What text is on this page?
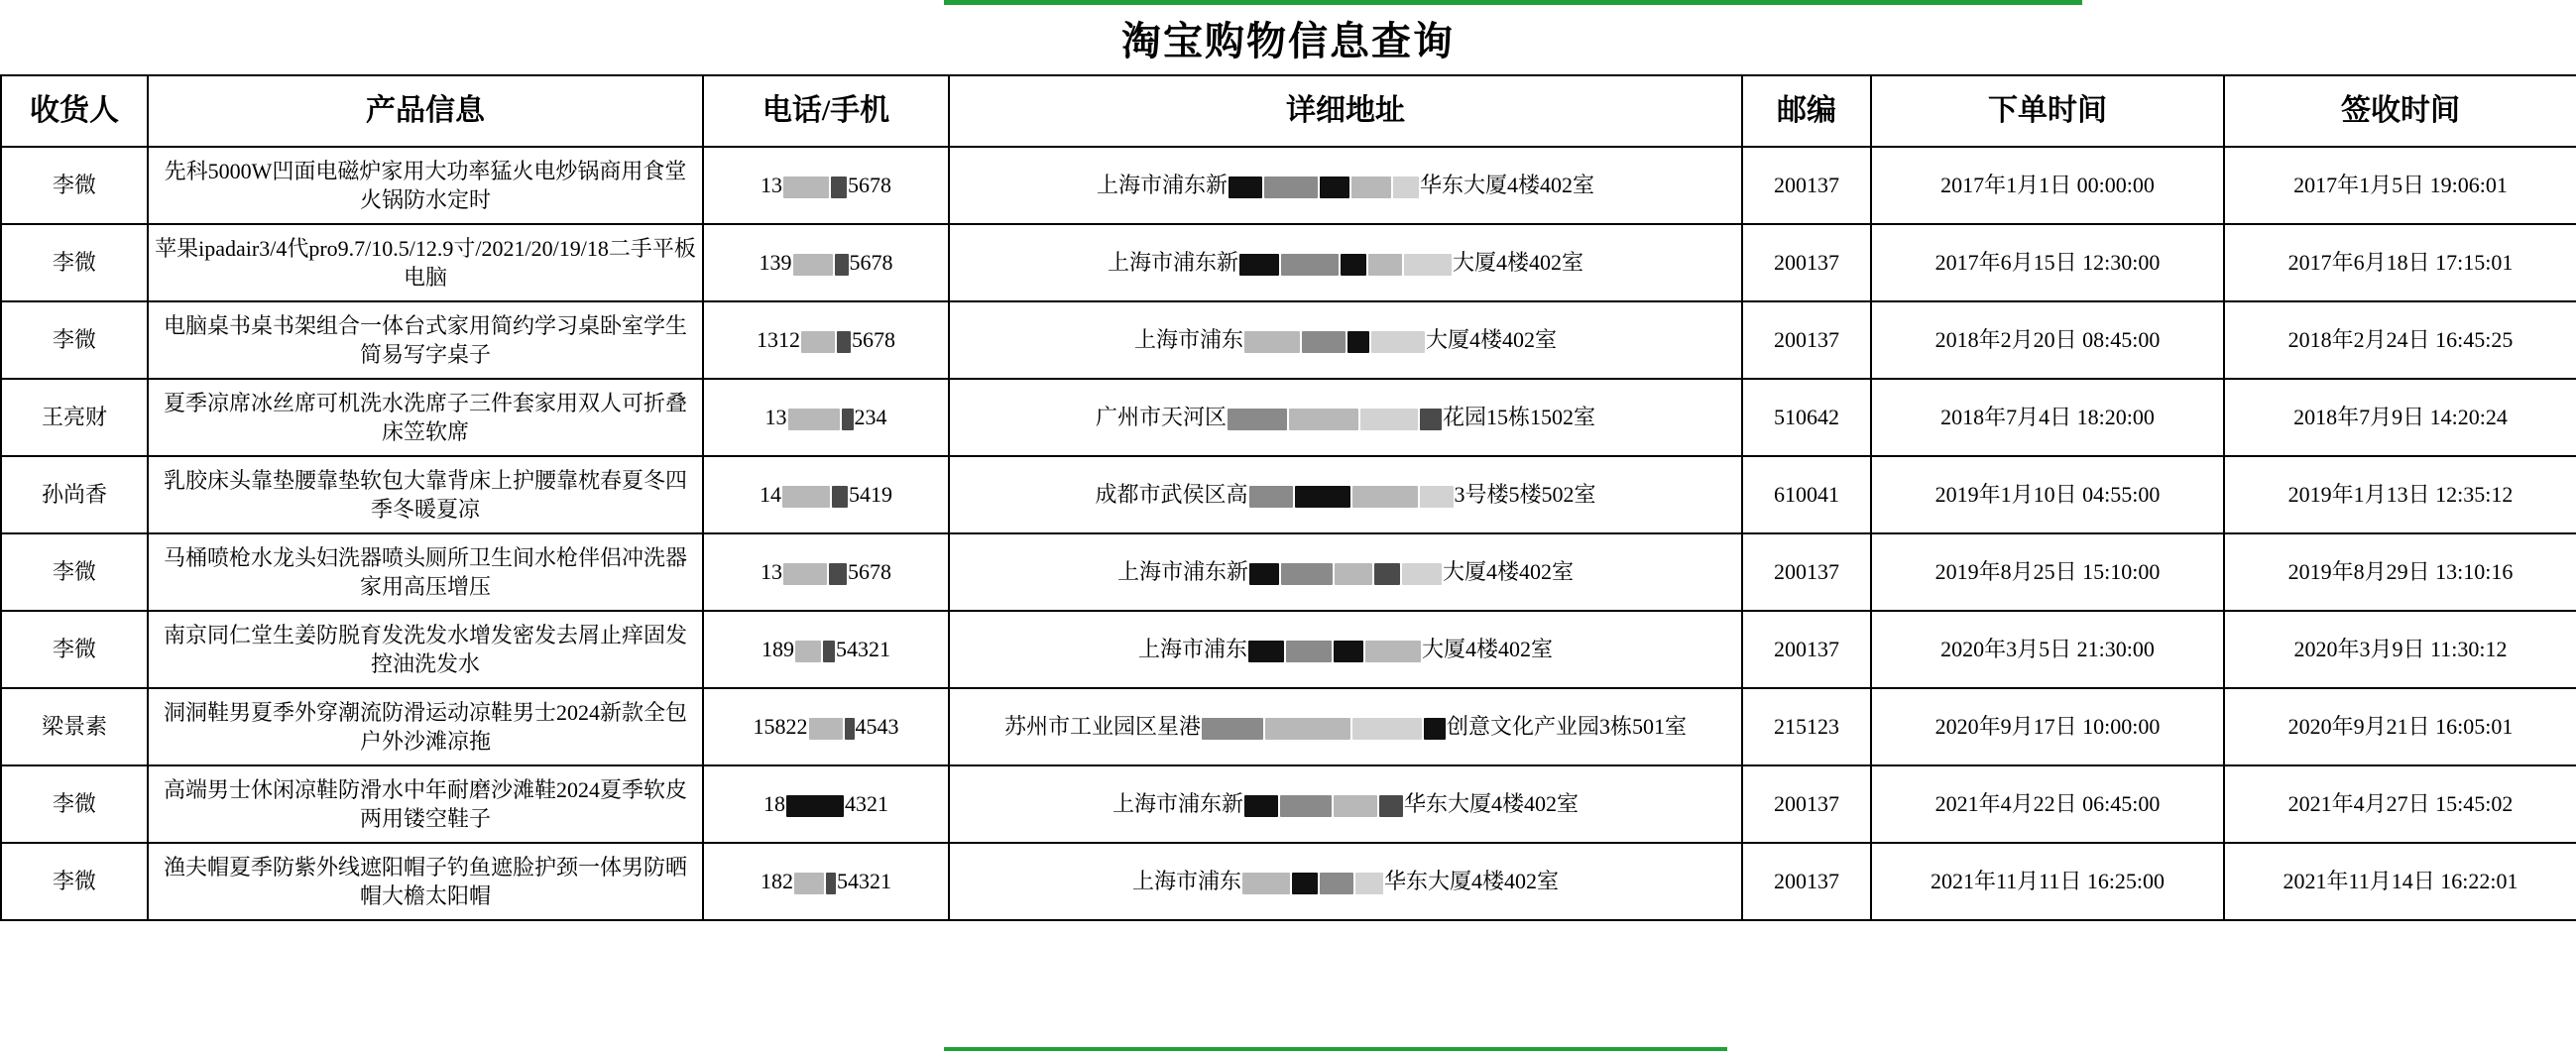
淘宝购物信息查询
收货人	产品信息	电话/手机	详细地址	邮编	下单时间	签收时间
李微	先科5000W凹面电磁炉家用大功率猛火电炒锅商用食堂火锅防水定时	13 5678	上海市浦东新 华东大厦4楼402室	200137	2017年1月1日 00:00:00	2017年1月5日 19:06:01
李微	苹果ipadair3/4代pro9.7/10.5/12.9寸/2021/20/19/18二手平板电脑	139 5678	上海市浦东新 大厦4楼402室	200137	2017年6月15日 12:30:00	2017年6月18日 17:15:01
李微	电脑桌书桌书架组合一体台式家用简约学习桌卧室学生简易写字桌子	1312 5678	上海市浦东 大厦4楼402室	200137	2018年2月20日 08:45:00	2018年2月24日 16:45:25
王亮财	夏季凉席冰丝席可机洗水洗席子三件套家用双人可折叠床笠软席	13 234	广州市天河区 花园15栋1502室	510642	2018年7月4日 18:20:00	2018年7月9日 14:20:24
孙尚香	乳胶床头靠垫腰靠垫软包大靠背床上护腰靠枕春夏冬四季冬暖夏凉	14 5419	成都市武侯区高 3号楼5楼502室	610041	2019年1月10日 04:55:00	2019年1月13日 12:35:12
李微	马桶喷枪水龙头妇洗器喷头厕所卫生间水枪伴侣冲洗器家用高压增压	13 5678	上海市浦东新 大厦4楼402室	200137	2019年8月25日 15:10:00	2019年8月29日 13:10:16
李微	南京同仁堂生姜防脱育发洗发水增发密发去屑止痒固发控油洗发水	189 54321	上海市浦东 大厦4楼402室	200137	2020年3月5日 21:30:00	2020年3月9日 11:30:12
梁景素	洞洞鞋男夏季外穿潮流防滑运动凉鞋男士2024新款全包户外沙滩凉拖	15822 4543	苏州市工业园区星港 创意文化产业园3栋501室	215123	2020年9月17日 10:00:00	2020年9月21日 16:05:01
李微	高端男士休闲凉鞋防滑水中年耐磨沙滩鞋2024夏季软皮两用镂空鞋子	18 4321	上海市浦东新 华东大厦4楼402室	200137	2021年4月22日 06:45:00	2021年4月27日 15:45:02
李微	渔夫帽夏季防紫外线遮阳帽子钓鱼遮脸护颈一体男防晒帽大檐太阳帽	182 54321	上海市浦东 华东大厦4楼402室	200137	2021年11月11日 16:25:00	2021年11月14日 16:22:01
